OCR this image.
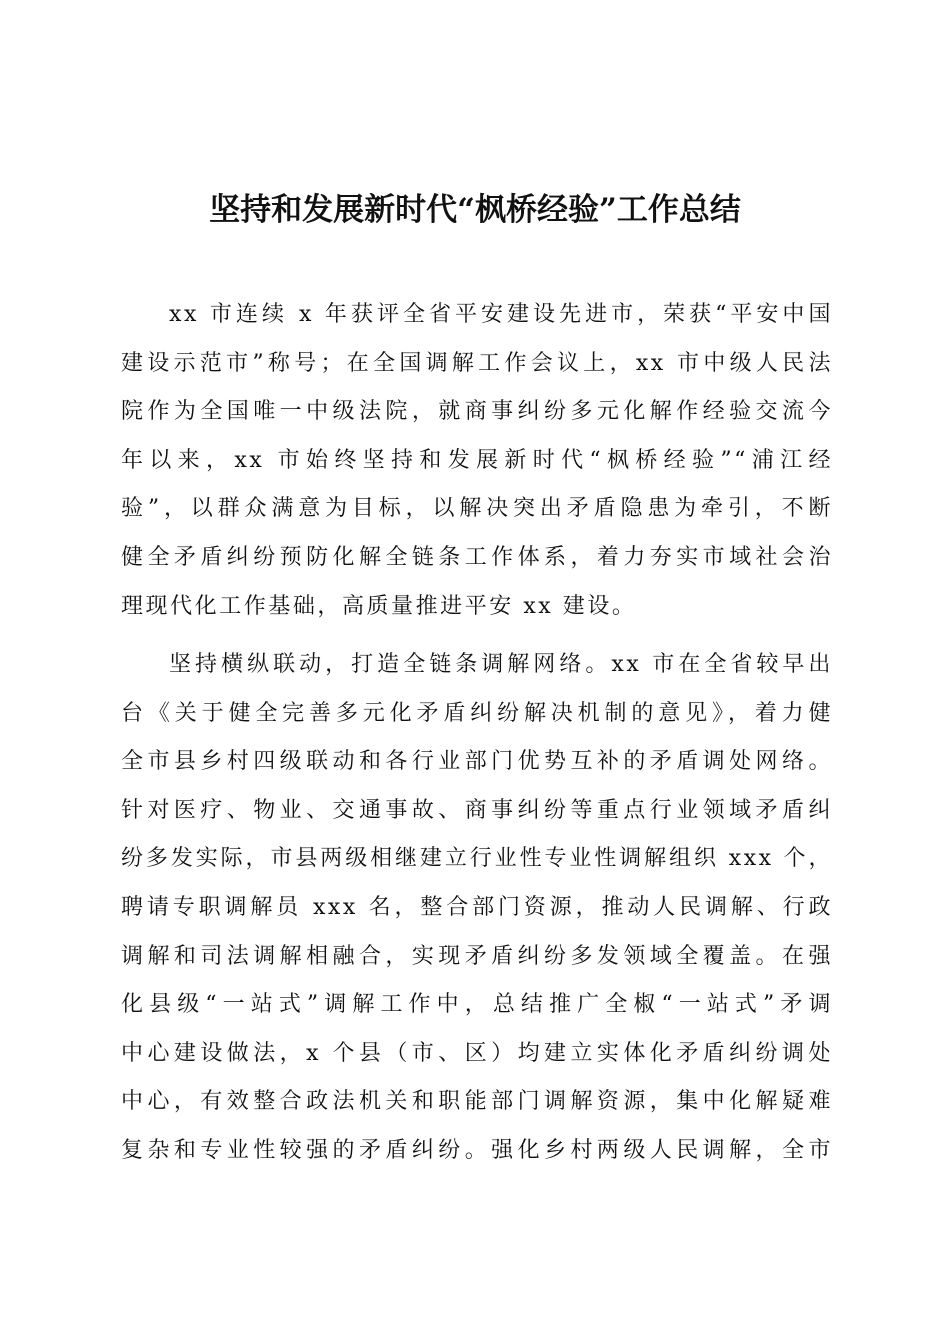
坚持和发展新时代“枫桥经验”工作总结
xx 市连续 x 年获评全省平安建设先进市，荣获“平安中国
建设示范市”称号；在全国调解工作会议上，xx 市中级人民法
院作为全国唯一中级法院，就商事纠纷多元化解作经验交流今
年以来，xx 市始终坚持和发展新时代“枫桥经验”“浦江经
验”，以群众满意为目标，以解决突出矛盾隐患为牵引，不断
健全矛盾纠纷预防化解全链条工作体系，着力夯实市域社会治
理现代化工作基础，高质量推进平安 xx 建设。
坚持横纵联动，打造全链条调解网络。xx 市在全省较早出
台《关于健全完善多元化矛盾纠纷解决机制的意见》，着力健
全市县乡村四级联动和各行业部门优势互补的矛盾调处网络。
针对医疗、物业、交通事故、商事纠纷等重点行业领域矛盾纠
纷多发实际，市县两级相继建立行业性专业性调解组织 xxx 个，
聘请专职调解员 xxx 名，整合部门资源，推动人民调解、行政
调解和司法调解相融合，实现矛盾纠纷多发领域全覆盖。在强
化县级“一站式”调解工作中，总结推广全椒“一站式”矛调
中心建设做法，x 个县（市、区）均建立实体化矛盾纠纷调处
中心，有效整合政法机关和职能部门调解资源，集中化解疑难
复杂和专业性较强的矛盾纠纷。强化乡村两级人民调解，全市
